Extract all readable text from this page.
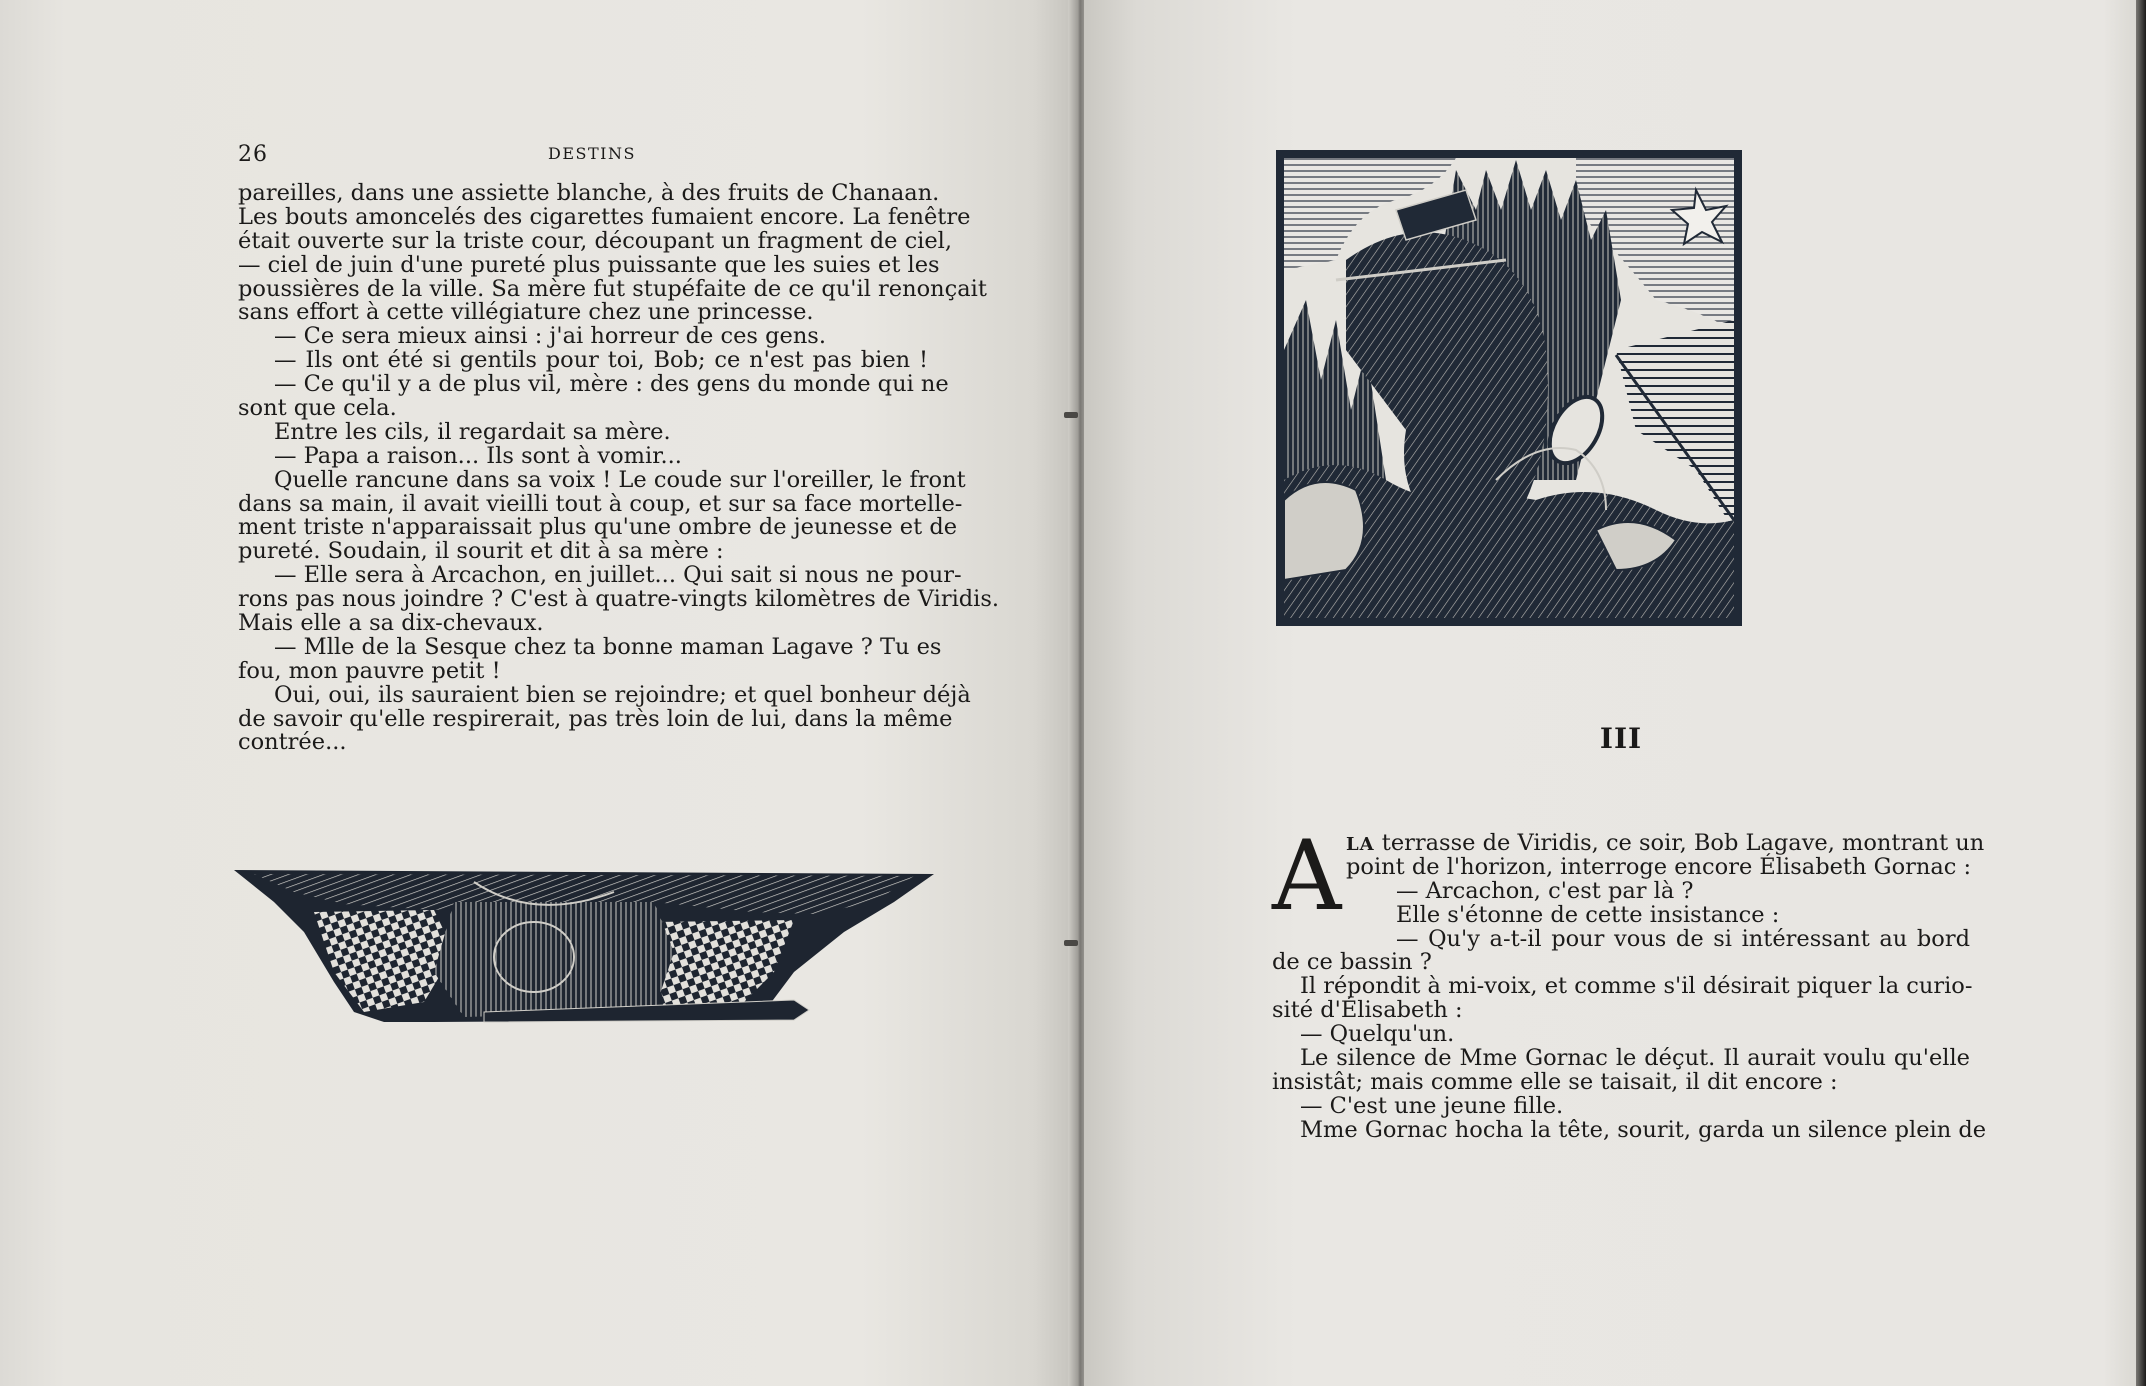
26	DESTINS
pareilles, dans une assiette blanche, à des fruits de Chanaan.
Les bouts amoncelés des cigarettes fumaient encore. La fenêtre
était ouverte sur la triste cour, découpant un fragment de ciel,
— ciel de juin d'une pureté plus puissante que les suies et les
poussières de la ville. Sa mère fut stupéfaite de ce qu'il renonçait
sans effort à cette villégiature chez une princesse.
— Ce sera mieux ainsi : j'ai horreur de ces gens.
— Ils ont été si gentils pour toi, Bob; ce n'est pas bien !
— Ce qu'il y a de plus vil, mère : des gens du monde qui ne
sont que cela.
Entre les cils, il regardait sa mère.
— Papa a raison... Ils sont à vomir...
Quelle rancune dans sa voix ! Le coude sur l'oreiller, le front
dans sa main, il avait vieilli tout à coup, et sur sa face mortelle-
ment triste n'apparaissait plus qu'une ombre de jeunesse et de
pureté. Soudain, il sourit et dit à sa mère :
— Elle sera à Arcachon, en juillet... Qui sait si nous ne pour-
rons pas nous joindre ? C'est à quatre-vingts kilomètres de Viridis.
Mais elle a sa dix-chevaux.
— Mlle de la Sesque chez ta bonne maman Lagave ? Tu es
fou, mon pauvre petit !
Oui, oui, ils sauraient bien se rejoindre; et quel bonheur déjà
de savoir qu'elle respirerait, pas très loin de lui, dans la même
contrée...	III
A LA terrasse de Viridis, ce soir, Bob Lagave, montrant un
point de l'horizon, interroge encore Élisabeth Gornac :
— Arcachon, c'est par là ?
Elle s'étonne de cette insistance :
— Qu'y a-t-il pour vous de si intéressant au bord
de ce bassin ?
Il répondit à mi-voix, et comme s'il désirait piquer la curio-
sité d'Élisabeth :
— Quelqu'un.
Le silence de Mme Gornac le déçut. Il aurait voulu qu'elle
insistât; mais comme elle se taisait, il dit encore :
— C'est une jeune fille.
Mme Gornac hocha la tête, sourit, garda un silence plein de
